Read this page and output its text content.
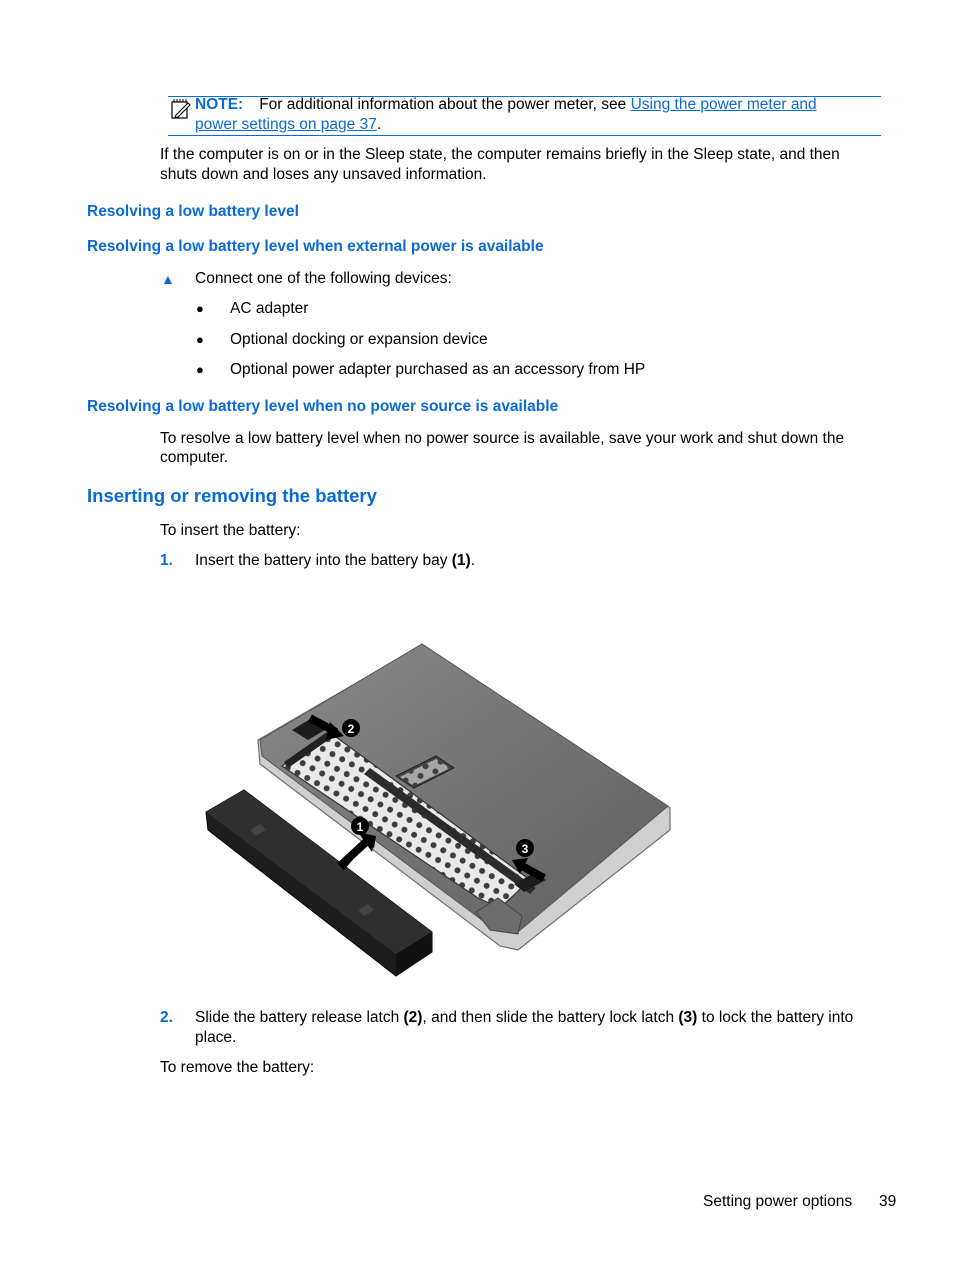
NOTE: For additional information about the power meter, see Using the power meter and
power settings on page 37.
If the computer is on or in the Sleep state, the computer remains briefly in the Sleep state, and then
shuts down and loses any unsaved information.
Resolving a low battery level
Resolving a low battery level when external power is available
▲ Connect one of the following devices:
● AC adapter
● Optional docking or expansion device
● Optional power adapter purchased as an accessory from HP
Resolving a low battery level when no power source is available
To resolve a low battery level when no power source is available, save your work and shut down the
computer.
Inserting or removing the battery
To insert the battery:
1. Insert the battery into the battery bay (1).
1
2
3
2. Slide the battery release latch (2), and then slide the battery lock latch (3) to lock the battery into
place.
To remove the battery:
Setting power options 39
